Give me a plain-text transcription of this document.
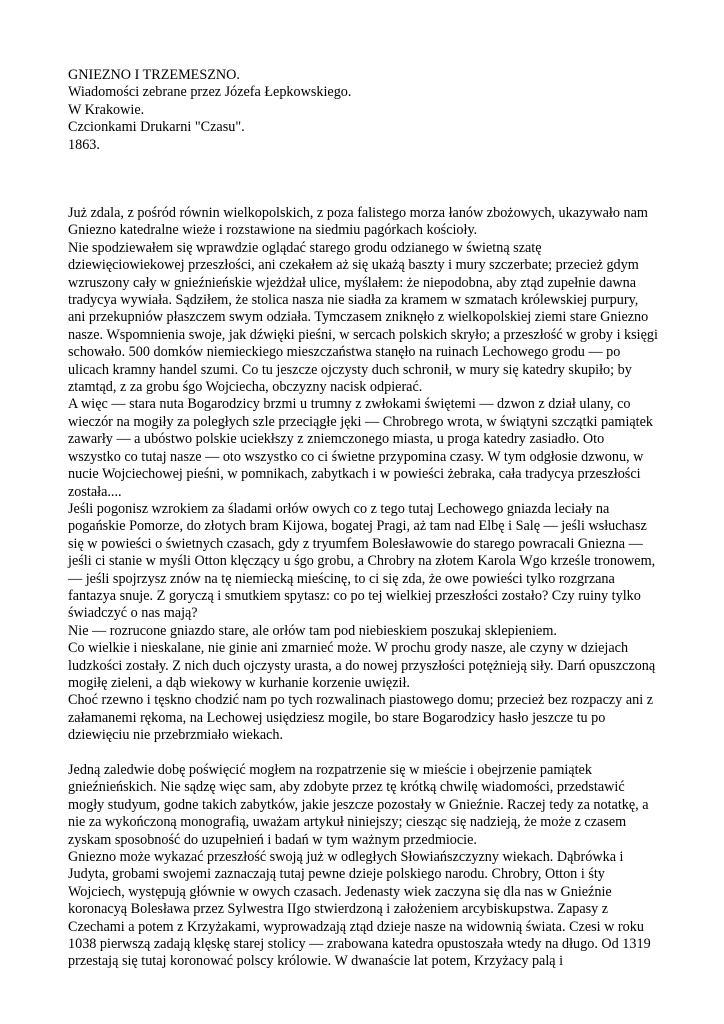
GNIEZNO I TRZEMESZNO.
Wiadomości zebrane przez Józefa Łepkowskiego.
W Krakowie.
Czcionkami Drukarni "Czasu".
1863.

Już zdala, z pośród równin wielkopolskich, z poza falistego morza łanów zbożowych, ukazywało nam Gniezno katedralne wieże i rozstawione na siedmiu pagórkach kościoły.

Nie spodziewałem się wprawdzie oglądać starego grodu odzianego w świetną szatę dziewięciowiekowej przeszłości, ani czekałem aż się ukażą baszty i mury szczerbate; przecież gdym wzruszony cały w gnieźnieńskie wjeżdżał ulice, myślałem: że niepodobna, aby ztąd zupełnie dawna tradycya wywiała. Sądziłem, że stolica nasza nie siadła za kramem w szmatach królewskiej purpury, ani przekupniów płaszczem swym odziała. Tymczasem zniknęło z wielkopolskiej ziemi stare Gniezno nasze. Wspomnienia swoje, jak dźwięki pieśni, w sercach polskich skryło; a przeszłość w groby i księgi schowało. 500 domków niemieckiego mieszczaństwa stanęło na ruinach Lechowego grodu — po ulicach kramny handel szumi. Co tu jeszcze ojczysty duch schronił, w mury się katedry skupiło; by ztamtąd, z za grobu śgo Wojciecha, obczyzny nacisk odpierać.

A więc — stara nuta Bogarodzicy brzmi u trumny z zwłokami świętemi — dzwon z dział ulany, co wieczór na mogiły za poległych szle przeciągłe jęki — Chrobrego wrota, w świątyni szczątki pamiątek zawarły — a ubóstwo polskie uciekłszy z zniemczonego miasta, u proga katedry zasiadło. Oto wszystko co tutaj nasze — oto wszystko co ci świetne przypomina czasy. W tym odgłosie dzwonu, w nucie Wojciechowej pieśni, w pomnikach, zabytkach i w powieści żebraka, cała tradycya przeszłości została....

Jeśli pogonisz wzrokiem za śladami orłów owych co z tego tutaj Lechowego gniazda leciały na pogańskie Pomorze, do złotych bram Kijowa, bogatej Pragi, aż tam nad Elbę i Salę — jeśli wsłuchasz się w powieści o świetnych czasach, gdy z tryumfem Bolesławowie do starego powracali Gniezna — jeśli ci stanie w myśli Otton klęczący u śgo grobu, a Chrobry na złotem Karola Wgo krześle tronowem, — jeśli spojrzysz znów na tę niemiecką mieścinę, to ci się zda, że owe powieści tylko rozgrzana fantazya snuje. Z goryczą i smutkiem spytasz: co po tej wielkiej przeszłości zostało? Czy ruiny tylko świadczyć o nas mają?

Nie — rozrucone gniazdo stare, ale orłów tam pod niebieskiem poszukaj sklepieniem.

Co wielkie i nieskalane, nie ginie ani zmarnieć może. W prochu grody nasze, ale czyny w dziejach ludzkości zostały. Z nich duch ojczysty urasta, a do nowej przyszłości potężnieją siły. Darń opuszczoną mogiłę zieleni, a dąb wiekowy w kurhanie korzenie uwięził.

Choć rzewno i tęskno chodzić nam po tych rozwalinach piastowego domu; przecież bez rozpaczy ani z załamanemi rękoma, na Lechowej usiędziesz mogile, bo stare Bogarodzicy hasło jeszcze tu po dziewięciu nie przebrzmiało wiekach.

Jedną zaledwie dobę poświęcić mogłem na rozpatrzenie się w mieście i obejrzenie pamiątek gnieźnieńskich. Nie sądzę więc sam, aby zdobyte przez tę krótką chwilę wiadomości, przedstawić mogły studyum, godne takich zabytków, jakie jeszcze pozostały w Gnieźnie. Raczej tedy za notatkę, a nie za wykończoną monografią, uważam artykuł niniejszy; ciesząc się nadzieją, że może z czasem zyskam sposobność do uzupełnień i badań w tym ważnym przedmiocie.

Gniezno może wykazać przeszłość swoją już w odległych Słowiańszczyzny wiekach. Dąbrówka i Judyta, grobami swojemi zaznaczają tutaj pewne dzieje polskiego narodu. Chrobry, Otton i śty Wojciech, występują głównie w owych czasach. Jedenasty wiek zaczyna się dla nas w Gnieźnie koronacyą Bolesława przez Sylwestra IIgo stwierdzoną i założeniem arcybiskupstwa. Zapasy z Czechami a potem z Krzyżakami, wyprowadzają ztąd dzieje nasze na widownią świata. Czesi w roku 1038 pierwszą zadają klęskę starej stolicy — zrabowana katedra opustoszała wtedy na długo. Od 1319 przestają się tutaj koronować polscy królowie. W dwanaście lat potem, Krzyżacy palą i
